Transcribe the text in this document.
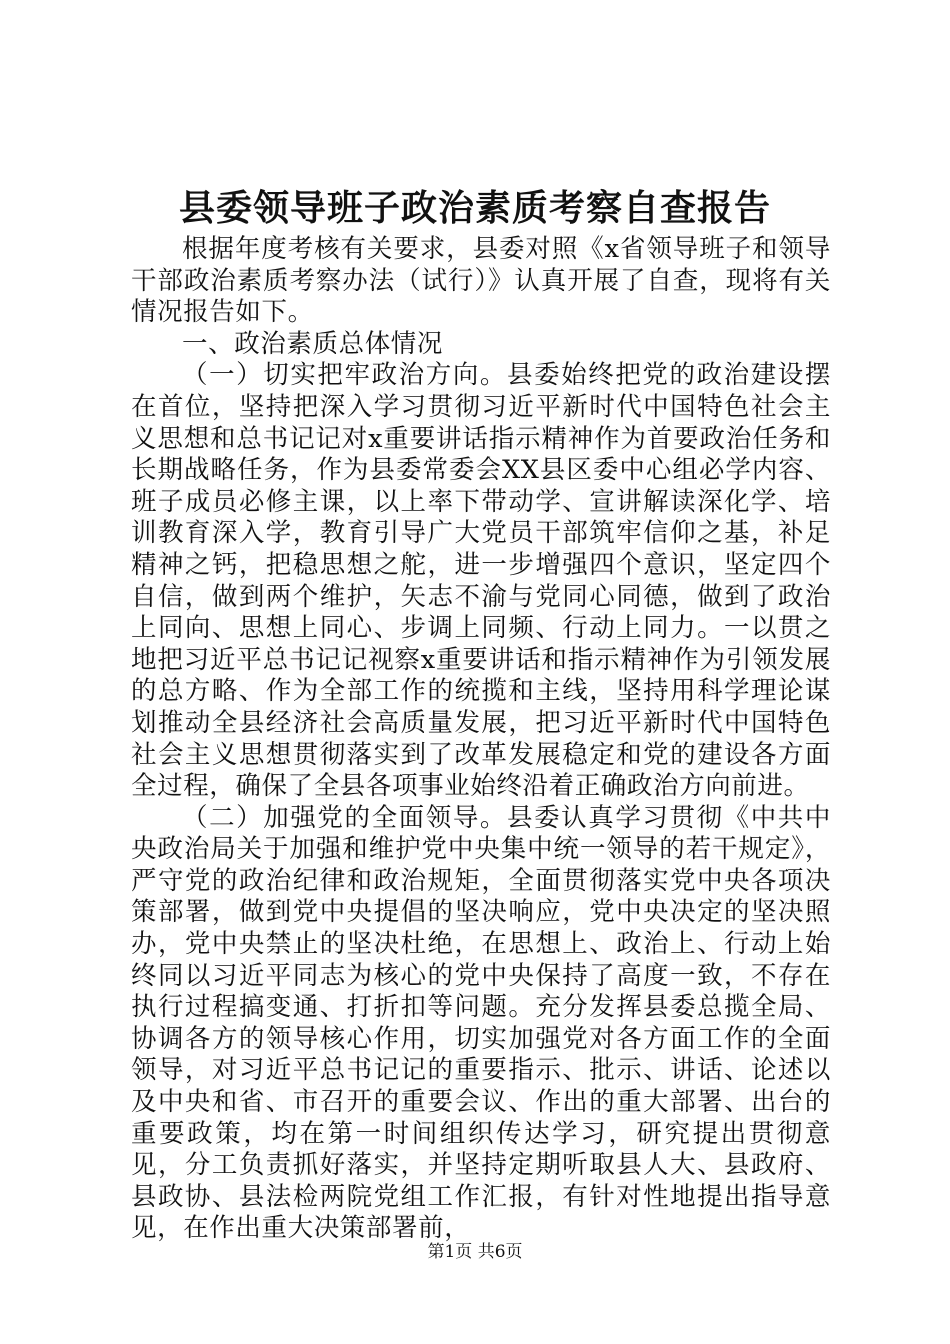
县委领导班子政治素质考察自查报告

根据年度考核有关要求，县委对照《x省领导班子和领导干部政治素质考察办法（试行）》认真开展了自查，现将有关情况报告如下。

一、政治素质总体情况

（一）切实把牢政治方向。县委始终把党的政治建设摆在首位，坚持把深入学习贯彻习近平新时代中国特色社会主义思想和总书记记对x重要讲话指示精神作为首要政治任务和长期战略任务，作为县委常委会XX县区委中心组必学内容、班子成员必修主课，以上率下带动学、宣讲解读深化学、培训教育深入学，教育引导广大党员干部筑牢信仰之基，补足精神之钙，把稳思想之舵，进一步增强四个意识，坚定四个自信，做到两个维护，矢志不渝与党同心同德，做到了政治上同向、思想上同心、步调上同频、行动上同力。一以贯之地把习近平总书记记视察x重要讲话和指示精神作为引领发展的总方略、作为全部工作的统揽和主线，坚持用科学理论谋划推动全县经济社会高质量发展，把习近平新时代中国特色社会主义思想贯彻落实到了改革发展稳定和党的建设各方面全过程，确保了全县各项事业始终沿着正确政治方向前进。

（二）加强党的全面领导。县委认真学习贯彻《中共中央政治局关于加强和维护党中央集中统一领导的若干规定》，严守党的政治纪律和政治规矩，全面贯彻落实党中央各项决策部署，做到党中央提倡的坚决响应，党中央决定的坚决照办，党中央禁止的坚决杜绝，在思想上、政治上、行动上始终同以习近平同志为核心的党中央保持了高度一致，不存在执行过程搞变通、打折扣等问题。充分发挥县委总揽全局、协调各方的领导核心作用，切实加强党对各方面工作的全面领导，对习近平总书记记的重要指示、批示、讲话、论述以及中央和省、市召开的重要会议、作出的重大部署、出台的重要政策，均在第一时间组织传达学习，研究提出贯彻意见，分工负责抓好落实，并坚持定期听取县人大、县政府、县政协、县法检两院党组工作汇报，有针对性地提出指导意见，在作出重大决策部署前，

第1页 共6页
